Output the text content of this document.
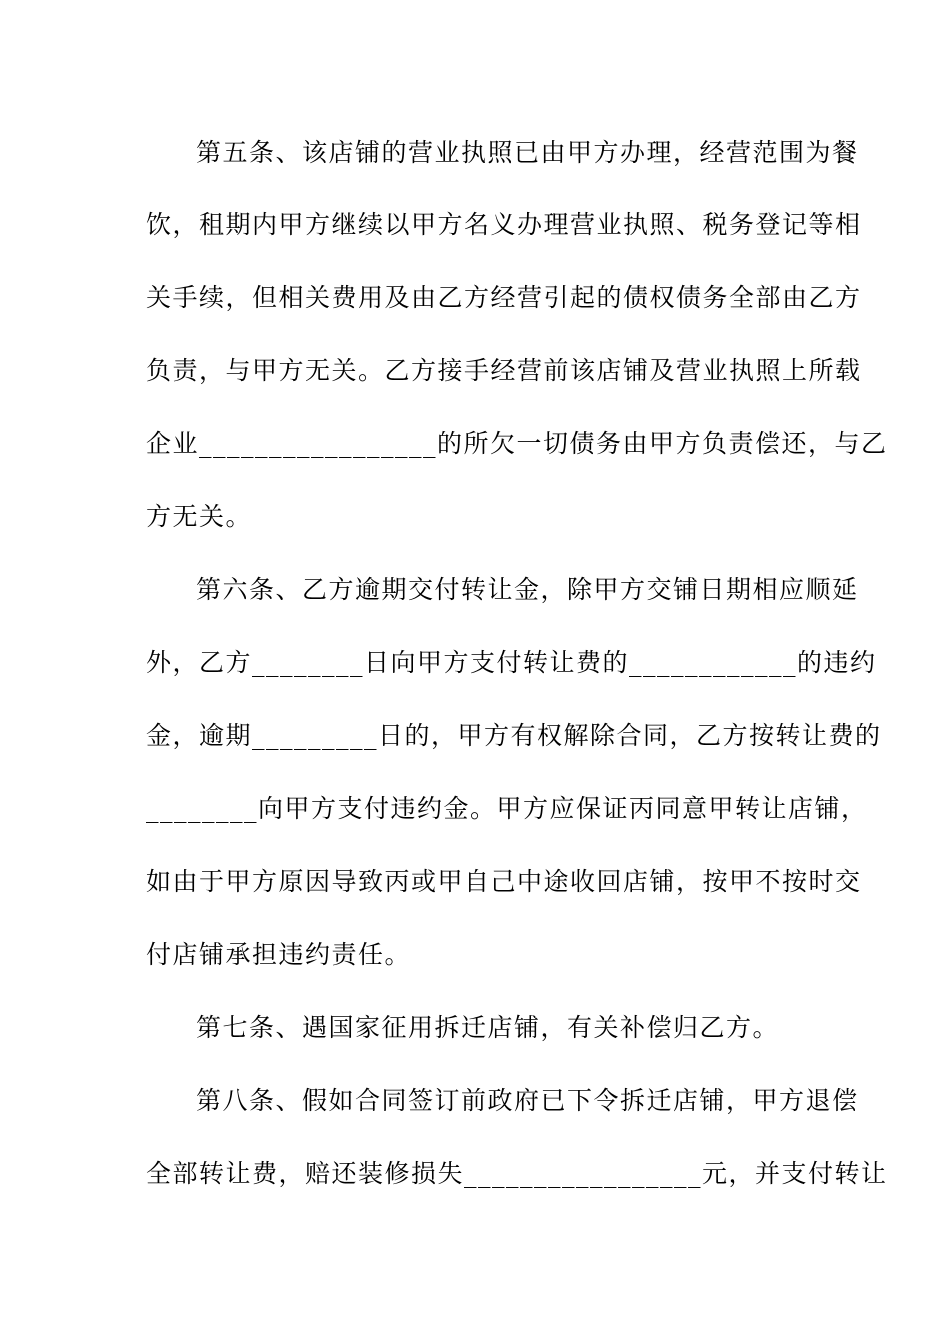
第五条、该店铺的营业执照已由甲方办理，经营范围为餐
饮，租期内甲方继续以甲方名义办理营业执照、税务登记等相
关手续，但相关费用及由乙方经营引起的债权债务全部由乙方
负责，与甲方无关。乙方接手经营前该店铺及营业执照上所载
企业_________________的所欠一切债务由甲方负责偿还，与乙
方无关。
第六条、乙方逾期交付转让金，除甲方交铺日期相应顺延
外，乙方________日向甲方支付转让费的____________的违约
金，逾期_________日的，甲方有权解除合同，乙方按转让费的
________向甲方支付违约金。甲方应保证丙同意甲转让店铺，
如由于甲方原因导致丙或甲自己中途收回店铺，按甲不按时交
付店铺承担违约责任。
第七条、遇国家征用拆迁店铺，有关补偿归乙方。
第八条、假如合同签订前政府已下令拆迁店铺，甲方退偿
全部转让费，赔还装修损失_________________元，并支付转让
